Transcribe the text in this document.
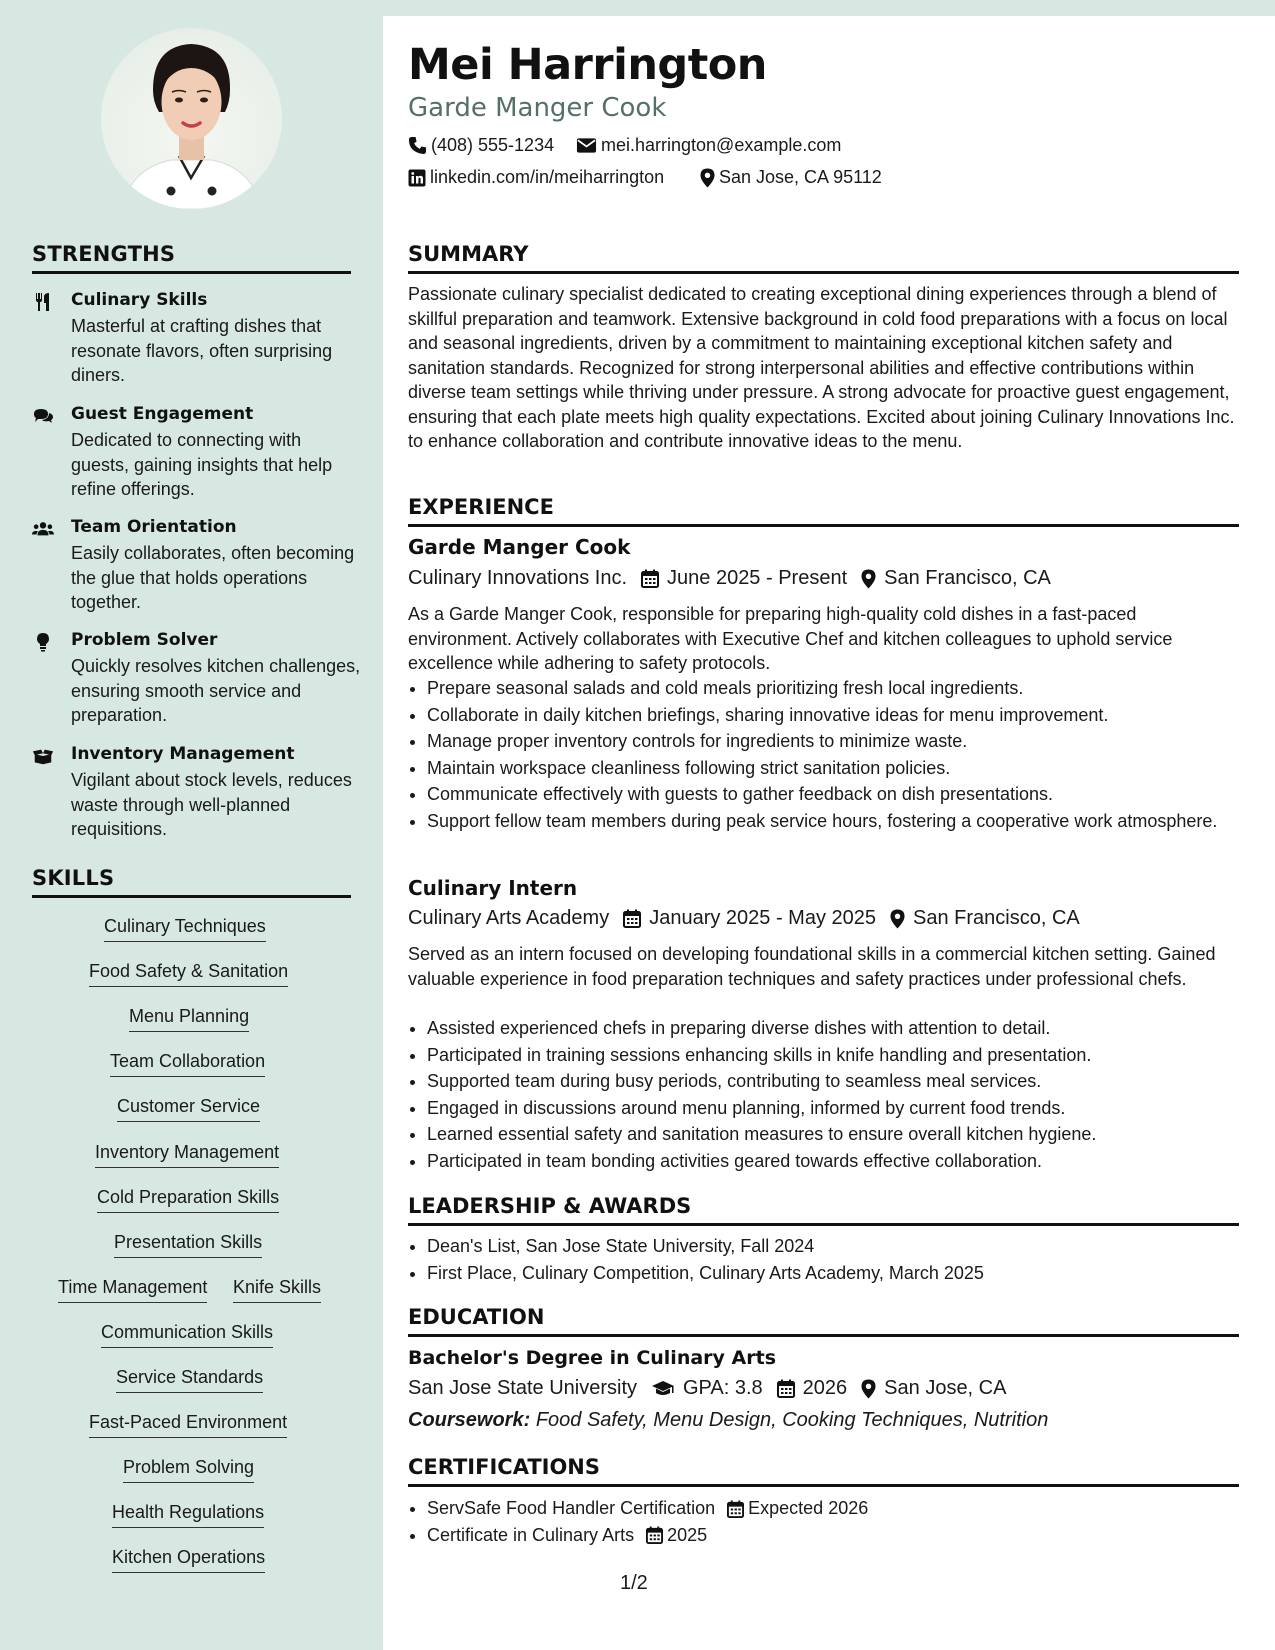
STRENGTHS
Culinary Skills
Masterful at crafting dishes that resonate flavors, often surprising diners.
Guest Engagement
Dedicated to connecting with guests, gaining insights that help refine offerings.
Team Orientation
Easily collaborates, often becoming the glue that holds operations together.
Problem Solver
Quickly resolves kitchen challenges, ensuring smooth service and preparation.
Inventory Management
Vigilant about stock levels, reduces waste through well-planned requisitions.
SKILLS
Culinary Techniques
Food Safety & Sanitation
Menu Planning
Team Collaboration
Customer Service
Inventory Management
Cold Preparation Skills
Presentation Skills
Time Management Knife Skills
Communication Skills
Service Standards
Fast-Paced Environment
Problem Solving
Health Regulations
Kitchen Operations
Mei Harrington
Garde Manger Cook
(408) 555-1234	mei.harrington@example.com
linkedin.com/in/meiharrington	San Jose, CA 95112
SUMMARY
Passionate culinary specialist dedicated to creating exceptional dining experiences through a blend of skillful preparation and teamwork. Extensive background in cold food preparations with a focus on local and seasonal ingredients, driven by a commitment to maintaining exceptional kitchen safety and sanitation standards. Recognized for strong interpersonal abilities and effective contributions within diverse team settings while thriving under pressure. A strong advocate for proactive guest engagement, ensuring that each plate meets high quality expectations. Excited about joining Culinary Innovations Inc. to enhance collaboration and contribute innovative ideas to the menu.
EXPERIENCE
Garde Manger Cook
Culinary Innovations Inc. June 2025 - Present San Francisco, CA
As a Garde Manger Cook, responsible for preparing high-quality cold dishes in a fast-paced environment. Actively collaborates with Executive Chef and kitchen colleagues to uphold service excellence while adhering to safety protocols.
• Prepare seasonal salads and cold meals prioritizing fresh local ingredients.
• Collaborate in daily kitchen briefings, sharing innovative ideas for menu improvement.
• Manage proper inventory controls for ingredients to minimize waste.
• Maintain workspace cleanliness following strict sanitation policies.
• Communicate effectively with guests to gather feedback on dish presentations.
• Support fellow team members during peak service hours, fostering a cooperative work atmosphere.
Culinary Intern
Culinary Arts Academy January 2025 - May 2025 San Francisco, CA
Served as an intern focused on developing foundational skills in a commercial kitchen setting. Gained valuable experience in food preparation techniques and safety practices under professional chefs.
• Assisted experienced chefs in preparing diverse dishes with attention to detail.
• Participated in training sessions enhancing skills in knife handling and presentation.
• Supported team during busy periods, contributing to seamless meal services.
• Engaged in discussions around menu planning, informed by current food trends.
• Learned essential safety and sanitation measures to ensure overall kitchen hygiene.
• Participated in team bonding activities geared towards effective collaboration.
LEADERSHIP & AWARDS
• Dean's List, San Jose State University, Fall 2024
• First Place, Culinary Competition, Culinary Arts Academy, March 2025
EDUCATION
Bachelor's Degree in Culinary Arts
San Jose State University GPA: 3.8 2026 San Jose, CA
Coursework: Food Safety, Menu Design, Cooking Techniques, Nutrition
CERTIFICATIONS
• ServSafe Food Handler Certification Expected 2026
• Certificate in Culinary Arts 2025
1/2
